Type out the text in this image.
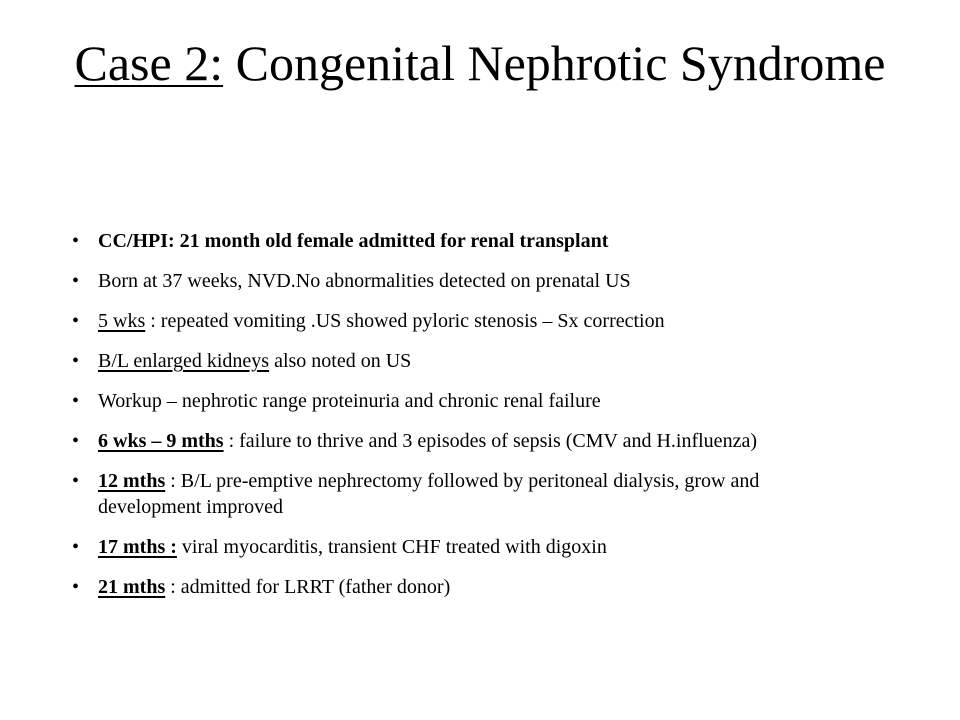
Case 2: Congenital Nephrotic Syndrome
• CC/HPI: 21 month old female admitted for renal transplant
• Born at 37 weeks, NVD.No abnormalities detected on prenatal US
• 5 wks : repeated vomiting .US showed pyloric stenosis – Sx correction
• B/L enlarged kidneys also noted on US
• Workup – nephrotic range proteinuria and chronic renal failure
• 6 wks – 9 mths : failure to thrive and 3 episodes of sepsis (CMV and H.influenza)
• 12 mths : B/L pre-emptive nephrectomy followed by peritoneal dialysis, grow and development improved
• 17 mths : viral myocarditis, transient CHF treated with digoxin
• 21 mths : admitted for LRRT (father donor)
